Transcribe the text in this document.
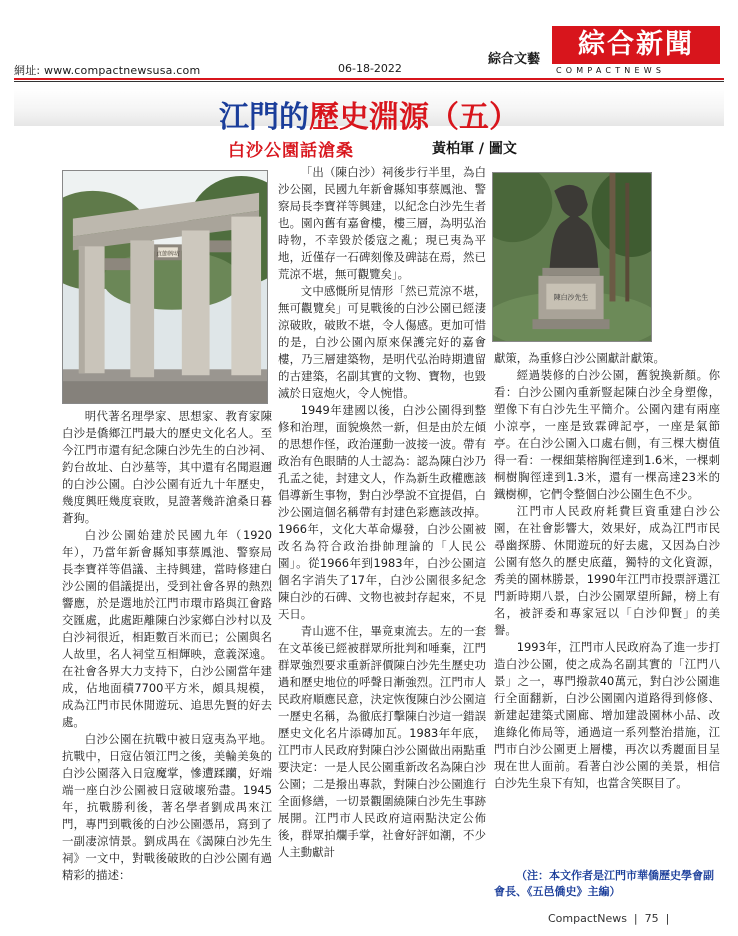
網址: www.compactnewsusa.com	06-18-2022
綜合文藝	綜合新聞
COMPACTNEWS
江門的歷史淵源（五）
白沙公園話滄桑	黃柏軍 / 圖文
貞節牌坊
陳白沙先生

明代著名理學家、思想家、教育家陳白沙是僑鄉江門最大的歷史文化名人。至今江門市還有紀念陳白沙先生的白沙祠、釣台故址、白沙墓等，其中還有名聞遐邇的白沙公園。白沙公園有近九十年歷史，幾度興旺幾度衰敗，見證著幾許滄桑日暮蒼狗。

白沙公園始建於民國九年（1920年），乃當年新會縣知事蔡鳳池、警察局長李寶祥等倡議、主持興建，當時修建白沙公園的倡議提出，受到社會各界的熱烈響應，於是選地於江門市環市路與江會路交匯處，此處距離陳白沙家鄉白沙村以及白沙祠很近，相距數百米而已；公園與名人故里，名人祠堂互相輝映，意義深遠。在社會各界大力支持下，白沙公園當年建成，佔地面積7700平方米，頗具規模，成為江門市民休閒遊玩、追思先賢的好去處。

白沙公園在抗戰中被日寇夷為平地。抗戰中，日寇佔領江門之後，美輪美奐的白沙公園落入日寇魔掌，慘遭蹂躪，好端端一座白沙公園被日寇破壞殆盡。1945年，抗戰勝利後，著名學者劉成禺來江門，專門到戰後的白沙公園憑吊，寫到了一副凄涼情景。劉成禺在《謁陳白沙先生祠》一文中，對戰後破敗的白沙公園有過精彩的描述：

「出（陳白沙）祠後步行半里，為白沙公園，民國九年新會縣知事蔡鳳池、警察局長李寶祥等興建，以紀念白沙先生者也。園內舊有嘉會樓，樓三層，為明弘治時物，不幸毀於倭寇之亂；現已夷為平地，近僅存一石碑刻像及碑誌在焉，然已荒涼不堪，無可觀覽矣」。

文中感慨所見情形「然已荒涼不堪，無可觀覽矣」可見戰後的白沙公園已經淒涼破敗，破敗不堪，令人傷感。更加可惜的是，白沙公園內原來保護完好的嘉會樓，乃三層建築物，是明代弘治時期遺留的古建築，名副其實的文物、寶物，也毀滅於日寇炮火，令人惋惜。

1949年建國以後，白沙公園得到整修和治理，面貌煥然一新，但是由於左傾的思想作怪，政治運動一波接一波。帶有政治有色眼睛的人士認為：認為陳白沙乃孔孟之徒，封建文人，作為新生政權應該倡導新生事物，對白沙學說不宜提倡，白沙公園這個名稱帶有封建色彩應該改掉。1966年，文化大革命爆發，白沙公園被改名為符合政治掛帥理論的「人民公園」。從1966年到1983年，白沙公園這個名字消失了17年，白沙公園很多紀念陳白沙的石碑、文物也被封存起來，不見天日。

青山遮不住，畢竟東流去。左的一套在文革後已經被群眾所批判和唾棄，江門群眾強烈要求重新評價陳白沙先生歷史功過和歷史地位的呼聲日漸強烈。江門市人民政府順應民意，決定恢復陳白沙公園這一歷史名稱，為徹底打擊陳白沙這一錯誤歷史文化名片添磚加瓦。1983年年底，江門市人民政府對陳白沙公園做出兩點重要決定：一是人民公園重新改名為陳白沙公園；二是撥出專款，對陳白沙公園進行全面修繕，一切景觀圍繞陳白沙先生事跡展開。江門市人民政府這兩點決定公佈後，群眾拍爛手掌，社會好評如潮，不少人主動獻計

獻策，為重修白沙公園獻計獻策。

經過裝修的白沙公園，舊貌換新顏。你看：白沙公園內重新豎起陳白沙全身塑像，塑像下有白沙先生平簡介。公園內建有兩座小涼亭，一座是致霖碑記亭，一座是氣節亭。在白沙公園入口處右側，有三棵大樹值得一看：一棵細葉榕胸徑達到1.6米，一棵刺桐樹胸徑達到1.3米，還有一棵高達23米的鐵樹柳，它們令整個白沙公園生色不少。

江門市人民政府耗費巨資重建白沙公園，在社會影響大，效果好，成為江門市民尋幽探勝、休閒遊玩的好去處，又因為白沙公園有悠久的歷史底蘊，獨特的文化資源，秀美的園林勝景，1990年江門市投票評選江門新時期八景，白沙公園眾望所歸，榜上有名，被評委和專家冠以「白沙仰賢」的美譽。

1993年，江門市人民政府為了進一步打造白沙公園，使之成為名副其實的「江門八景」之一，專門撥款40萬元，對白沙公園進行全面翻新，白沙公園園內道路得到修修、新建起建築式園廊、增加建設園林小品、改進綠化佈局等，通過這一系列整治措施，江門市白沙公園更上層樓，再次以秀麗面目呈現在世人面前。看著白沙公園的美景，相信白沙先生泉下有知，也當含笑瞑目了。

（注：本文作者是江門市華僑歷史學會副會長、《五邑僑史》主編）
CompactNews  |  75  |
